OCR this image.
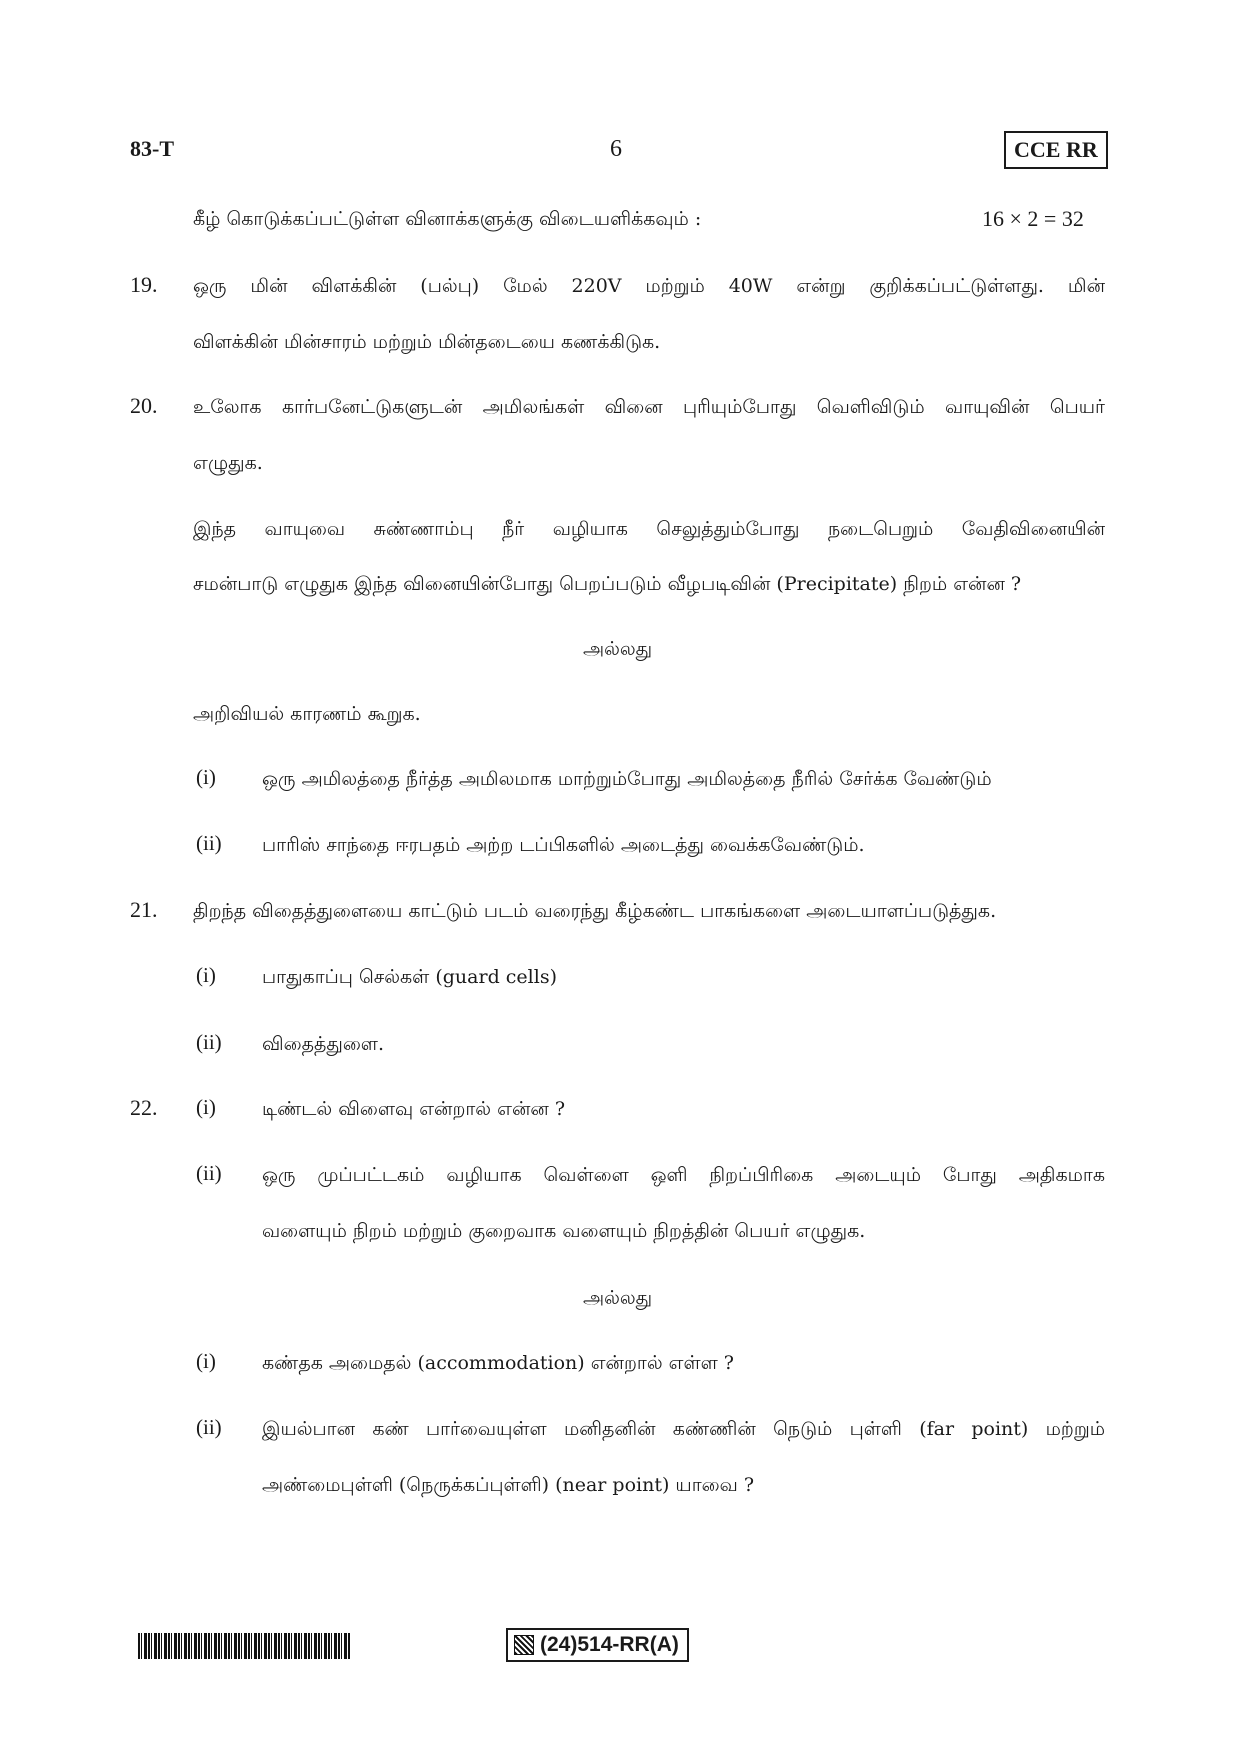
83-T	6	CCE RR
கீழ் கொடுக்கப்பட்டுள்ள வினாக்களுக்கு விடையளிக்கவும் :	16 × 2 = 32
19. ஒரு மின் விளக்கின் (பல்பு) மேல் 220V மற்றும் 40W என்று குறிக்கப்பட்டுள்ளது. மின்
விளக்கின் மின்சாரம் மற்றும் மின்தடையை கணக்கிடுக.
20. உலோக கார்பனேட்டுகளுடன் அமிலங்கள் வினை புரியும்போது வெளிவிடும் வாயுவின் பெயர்
எழுதுக.
இந்த வாயுவை சுண்ணாம்பு நீர் வழியாக செலுத்தும்போது நடைபெறும் வேதிவினையின்
சமன்பாடு எழுதுக இந்த வினையின்போது பெறப்படும் வீழபடிவின் (Precipitate) நிறம் என்ன ?
அல்லது
அறிவியல் காரணம் கூறுக.
(i) ஒரு அமிலத்தை நீர்த்த அமிலமாக மாற்றும்போது அமிலத்தை நீரில் சேர்க்க வேண்டும்
(ii) பாரிஸ் சாந்தை ஈரபதம் அற்ற டப்பிகளில் அடைத்து வைக்கவேண்டும்.
21. திறந்த விதைத்துளையை காட்டும் படம் வரைந்து கீழ்கண்ட பாகங்களை அடையாளப்படுத்துக.
(i) பாதுகாப்பு செல்கள் (guard cells)
(ii) விதைத்துளை.
22. (i) டிண்டல் விளைவு என்றால் என்ன ?
(ii) ஒரு முப்பட்டகம் வழியாக வெள்ளை ஒளி நிறப்பிரிகை அடையும் போது அதிகமாக
வளையும் நிறம் மற்றும் குறைவாக வளையும் நிறத்தின் பெயர் எழுதுக.
அல்லது
(i) கண்தக அமைதல் (accommodation) என்றால் எள்ள ?
(ii) இயல்பான கண் பார்வையுள்ள மனிதனின் கண்ணின் நெடும் புள்ளி (far point) மற்றும்
அண்மைபுள்ளி (நெருக்கப்புள்ளி) (near point) யாவை ?
(24)514-RR(A)
